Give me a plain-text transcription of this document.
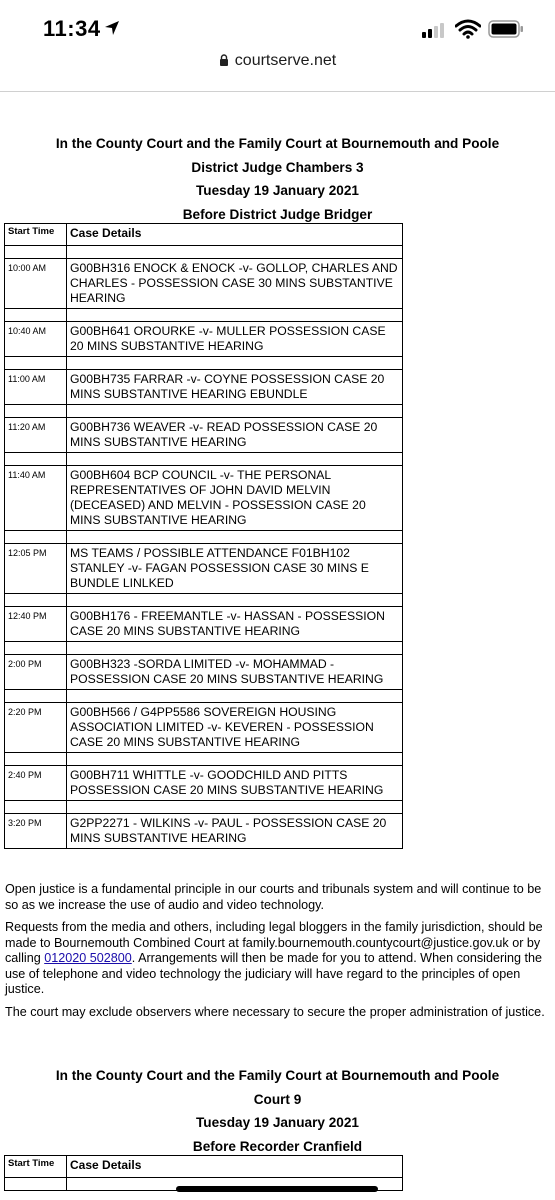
11:34
courtserve.net
In the County Court and the Family Court at Bournemouth and Poole
District Judge Chambers 3
Tuesday 19 January 2021
Before District Judge Bridger
Start Time	Case Details

10:00 AM	G00BH316 ENOCK & ENOCK -v- GOLLOP, CHARLES AND CHARLES - POSSESSION CASE 30 MINS SUBSTANTIVE HEARING

10:40 AM	G00BH641 OROURKE -v- MULLER POSSESSION CASE 20 MINS SUBSTANTIVE HEARING

11:00 AM	G00BH735 FARRAR -v- COYNE POSSESSION CASE 20 MINS SUBSTANTIVE HEARING EBUNDLE

11:20 AM	G00BH736 WEAVER -v- READ POSSESSION CASE 20 MINS SUBSTANTIVE HEARING

11:40 AM	G00BH604 BCP COUNCIL -v- THE PERSONAL REPRESENTATIVES OF JOHN DAVID MELVIN (DECEASED) AND MELVIN - POSSESSION CASE 20 MINS SUBSTANTIVE HEARING

12:05 PM	MS TEAMS / POSSIBLE ATTENDANCE F01BH102 STANLEY -v- FAGAN POSSESSION CASE 30 MINS E BUNDLE LINLKED

12:40 PM	G00BH176 - FREEMANTLE -v- HASSAN - POSSESSION CASE 20 MINS SUBSTANTIVE HEARING

2:00 PM	G00BH323 -SORDA LIMITED -v- MOHAMMAD - POSSESSION CASE 20 MINS SUBSTANTIVE HEARING

2:20 PM	G00BH566 / G4PP5586 SOVEREIGN HOUSING ASSOCIATION LIMITED -v- KEVEREN - POSSESSION CASE 20 MINS SUBSTANTIVE HEARING

2:40 PM	G00BH711 WHITTLE -v- GOODCHILD AND PITTS POSSESSION CASE 20 MINS SUBSTANTIVE HEARING

3:20 PM	G2PP2271 - WILKINS -v- PAUL - POSSESSION CASE 20 MINS SUBSTANTIVE HEARING

Open justice is a fundamental principle in our courts and tribunals system and will continue to be so as we increase the use of audio and video technology.

Requests from the media and others, including legal bloggers in the family jurisdiction, should be made to Bournemouth Combined Court at family.bournemouth.countycourt@justice.gov.uk or by calling 012020 502800. Arrangements will then be made for you to attend. When considering the use of telephone and video technology the judiciary will have regard to the principles of open justice.

The court may exclude observers where necessary to secure the proper administration of justice.

In the County Court and the Family Court at Bournemouth and Poole
Court 9
Tuesday 19 January 2021
Before Recorder Cranfield
Start Time	Case Details
